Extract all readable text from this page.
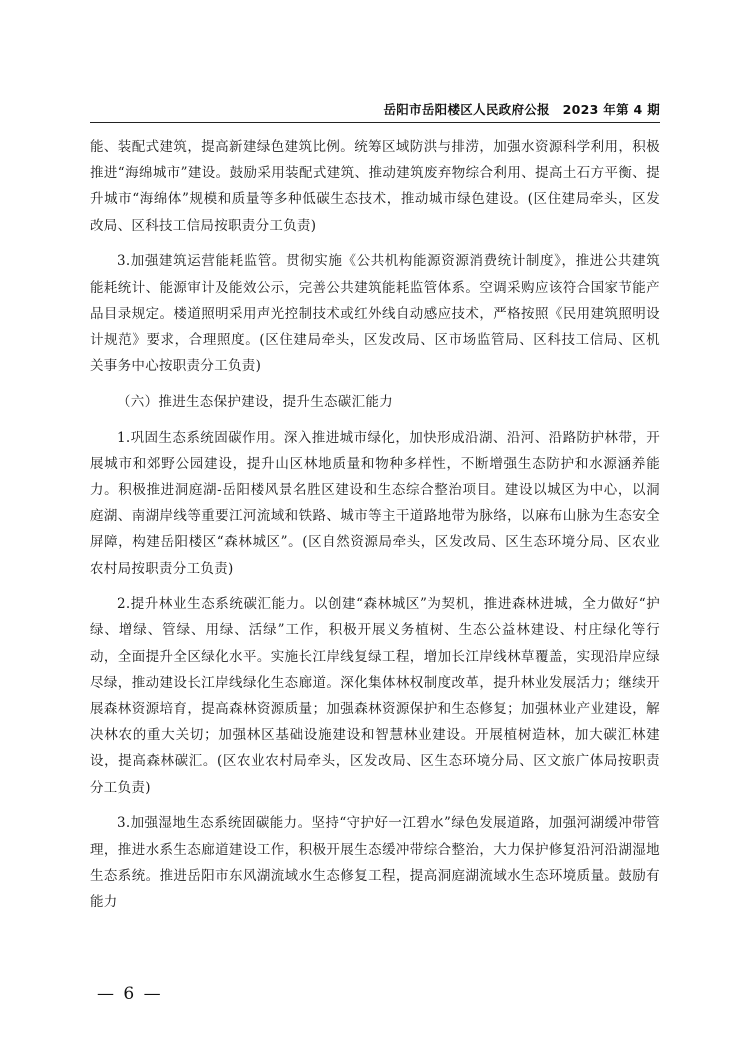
岳阳市岳阳楼区人民政府公报　2023 年第 4 期

能、装配式建筑，提高新建绿色建筑比例。统筹区域防洪与排涝，加强水资源科学利用，积极推进“海绵城市”建设。鼓励采用装配式建筑、推动建筑废弃物综合利用、提高土石方平衡、提升城市“海绵体”规模和质量等多种低碳生态技术，推动城市绿色建设。(区住建局牵头，区发改局、区科技工信局按职责分工负责)

3.加强建筑运营能耗监管。贯彻实施《公共机构能源资源消费统计制度》，推进公共建筑能耗统计、能源审计及能效公示，完善公共建筑能耗监管体系。空调采购应该符合国家节能产品目录规定。楼道照明采用声光控制技术或红外线自动感应技术，严格按照《民用建筑照明设计规范》要求，合理照度。(区住建局牵头，区发改局、区市场监管局、区科技工信局、区机关事务中心按职责分工负责)

（六）推进生态保护建设，提升生态碳汇能力

1.巩固生态系统固碳作用。深入推进城市绿化，加快形成沿湖、沿河、沿路防护林带，开展城市和郊野公园建设，提升山区林地质量和物种多样性，不断增强生态防护和水源涵养能力。积极推进洞庭湖-岳阳楼风景名胜区建设和生态综合整治项目。建设以城区为中心，以洞庭湖、南湖岸线等重要江河流域和铁路、城市等主干道路地带为脉络，以麻布山脉为生态安全屏障，构建岳阳楼区“森林城区”。(区自然资源局牵头，区发改局、区生态环境分局、区农业农村局按职责分工负责)

2.提升林业生态系统碳汇能力。以创建“森林城区”为契机，推进森林进城，全力做好“护绿、增绿、管绿、用绿、活绿”工作，积极开展义务植树、生态公益林建设、村庄绿化等行动，全面提升全区绿化水平。实施长江岸线复绿工程，增加长江岸线林草覆盖，实现沿岸应绿尽绿，推动建设长江岸线绿化生态廊道。深化集体林权制度改革，提升林业发展活力；继续开展森林资源培育，提高森林资源质量；加强森林资源保护和生态修复；加强林业产业建设，解决林农的重大关切；加强林区基础设施建设和智慧林业建设。开展植树造林，加大碳汇林建设，提高森林碳汇。(区农业农村局牵头，区发改局、区生态环境分局、区文旅广体局按职责分工负责)

3.加强湿地生态系统固碳能力。坚持“守护好一江碧水”绿色发展道路，加强河湖缓冲带管理，推进水系生态廊道建设工作，积极开展生态缓冲带综合整治，大力保护修复沿河沿湖湿地生态系统。推进岳阳市东风湖流域水生态修复工程，提高洞庭湖流域水生态环境质量。鼓励有能力

— 6 —
